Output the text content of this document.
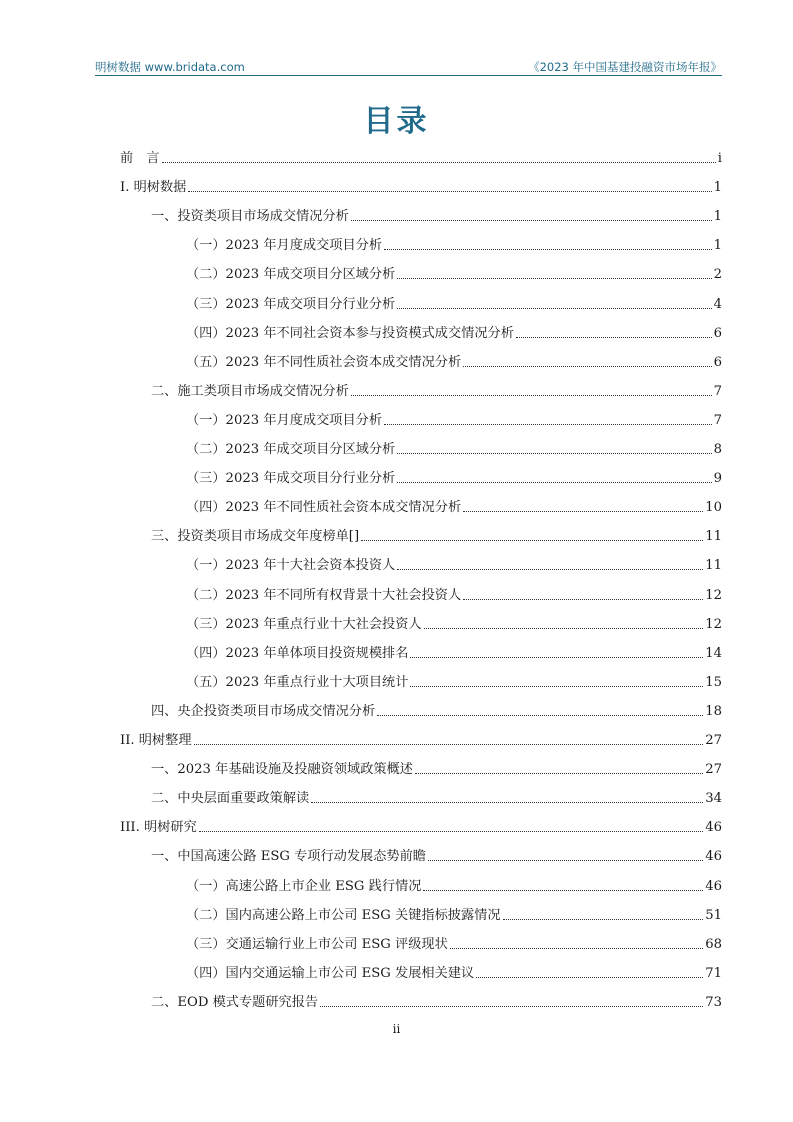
明树数据 www.bridata.com	《2023 年中国基建投融资市场年报》
目录
前　言	i
I. 明树数据	1
一、投资类项目市场成交情况分析	1
（一）2023 年月度成交项目分析	1
（二）2023 年成交项目分区域分析	2
（三）2023 年成交项目分行业分析	4
（四）2023 年不同社会资本参与投资模式成交情况分析	6
（五）2023 年不同性质社会资本成交情况分析	6
二、施工类项目市场成交情况分析	7
（一）2023 年月度成交项目分析	7
（二）2023 年成交项目分区域分析	8
（三）2023 年成交项目分行业分析	9
（四）2023 年不同性质社会资本成交情况分析	10
三、投资类项目市场成交年度榜单[]	11
（一）2023 年十大社会资本投资人	11
（二）2023 年不同所有权背景十大社会投资人	12
（三）2023 年重点行业十大社会投资人	12
（四）2023 年单体项目投资规模排名	14
（五）2023 年重点行业十大项目统计	15
四、央企投资类项目市场成交情况分析	18
II. 明树整理	27
一、2023 年基础设施及投融资领域政策概述	27
二、中央层面重要政策解读	34
III. 明树研究	46
一、中国高速公路 ESG 专项行动发展态势前瞻	46
（一）高速公路上市企业 ESG 践行情况	46
（二）国内高速公路上市公司 ESG 关键指标披露情况	51
（三）交通运输行业上市公司 ESG 评级现状	68
（四）国内交通运输上市公司 ESG 发展相关建议	71
二、EOD 模式专题研究报告	73
ii
